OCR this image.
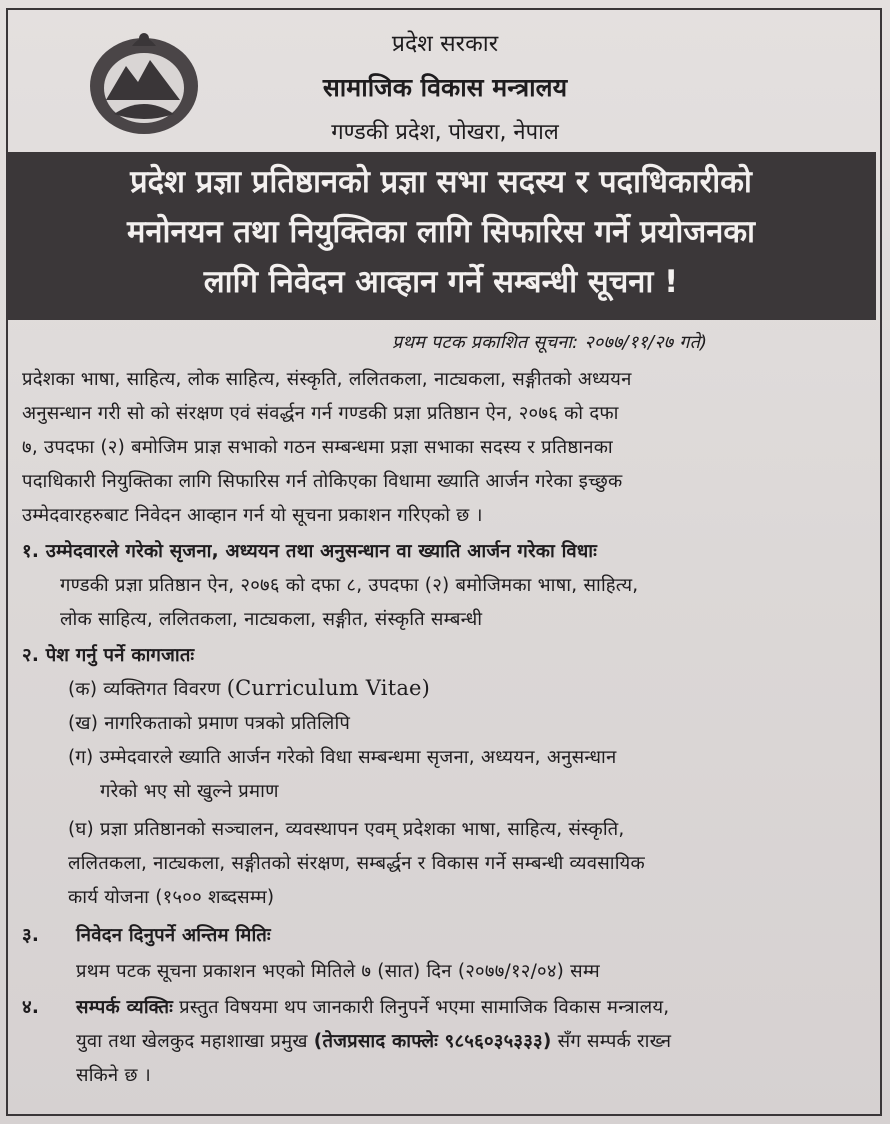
प्रदेश सरकार
सामाजिक विकास मन्त्रालय
गण्डकी प्रदेश, पोखरा, नेपाल
प्रदेश प्रज्ञा प्रतिष्ठानको प्रज्ञा सभा सदस्य र पदाधिकारीको
मनोनयन तथा नियुक्तिका लागि सिफारिस गर्ने प्रयोजनका
लागि निवेदन आव्हान गर्ने सम्बन्धी सूचना !
प्रथम पटक प्रकाशित सूचना: २०७७/११/२७ गते)
प्रदेशका भाषा, साहित्य, लोक साहित्य, संस्कृति, ललितकला, नाट्यकला, सङ्गीतको अध्ययन
अनुसन्धान गरी सो को संरक्षण एवं संवर्द्धन गर्न गण्डकी प्रज्ञा प्रतिष्ठान ऐन, २०७६ को दफा
७, उपदफा (२) बमोजिम प्राज्ञ सभाको गठन सम्बन्धमा प्रज्ञा सभाका सदस्य र प्रतिष्ठानका
पदाधिकारी नियुक्तिका लागि सिफारिस गर्न तोकिएका विधामा ख्याति आर्जन गरेका इच्छुक
उम्मेदवारहरुबाट निवेदन आव्हान गर्न यो सूचना प्रकाशन गरिएको छ ।
१. उम्मेदवारले गरेको सृजना, अध्ययन तथा अनुसन्धान वा ख्याति आर्जन गरेका विधाः
गण्डकी प्रज्ञा प्रतिष्ठान ऐन, २०७६ को दफा ८, उपदफा (२) बमोजिमका भाषा, साहित्य,
लोक साहित्य, ललितकला, नाट्यकला, सङ्गीत, संस्कृति सम्बन्धी
२. पेश गर्नु पर्ने कागजातः
(क) व्यक्तिगत विवरण (Curriculum Vitae)
(ख) नागरिकताको प्रमाण पत्रको प्रतिलिपि
(ग) उम्मेदवारले ख्याति आर्जन गरेको विधा सम्बन्धमा सृजना, अध्ययन, अनुसन्धान
गरेको भए सो खुल्ने प्रमाण
(घ) प्रज्ञा प्रतिष्ठानको सञ्चालन, व्यवस्थापन एवम् प्रदेशका भाषा, साहित्य, संस्कृति,
ललितकला, नाट्यकला, सङ्गीतको संरक्षण, सम्बर्द्धन र विकास गर्ने सम्बन्धी व्यवसायिक
कार्य योजना (१५०० शब्दसम्म)
३. निवेदन दिनुपर्ने अन्तिम मितिः
प्रथम पटक सूचना प्रकाशन भएको मितिले ७ (सात) दिन (२०७७/१२/०४) सम्म
४. सम्पर्क व्यक्तिः प्रस्तुत विषयमा थप जानकारी लिनुपर्ने भएमा सामाजिक विकास मन्त्रालय,
युवा तथा खेलकुद महाशाखा प्रमुख (तेजप्रसाद काफ्लेः ९८५६०३५३३३) सँग सम्पर्क राख्न
सकिने छ ।
